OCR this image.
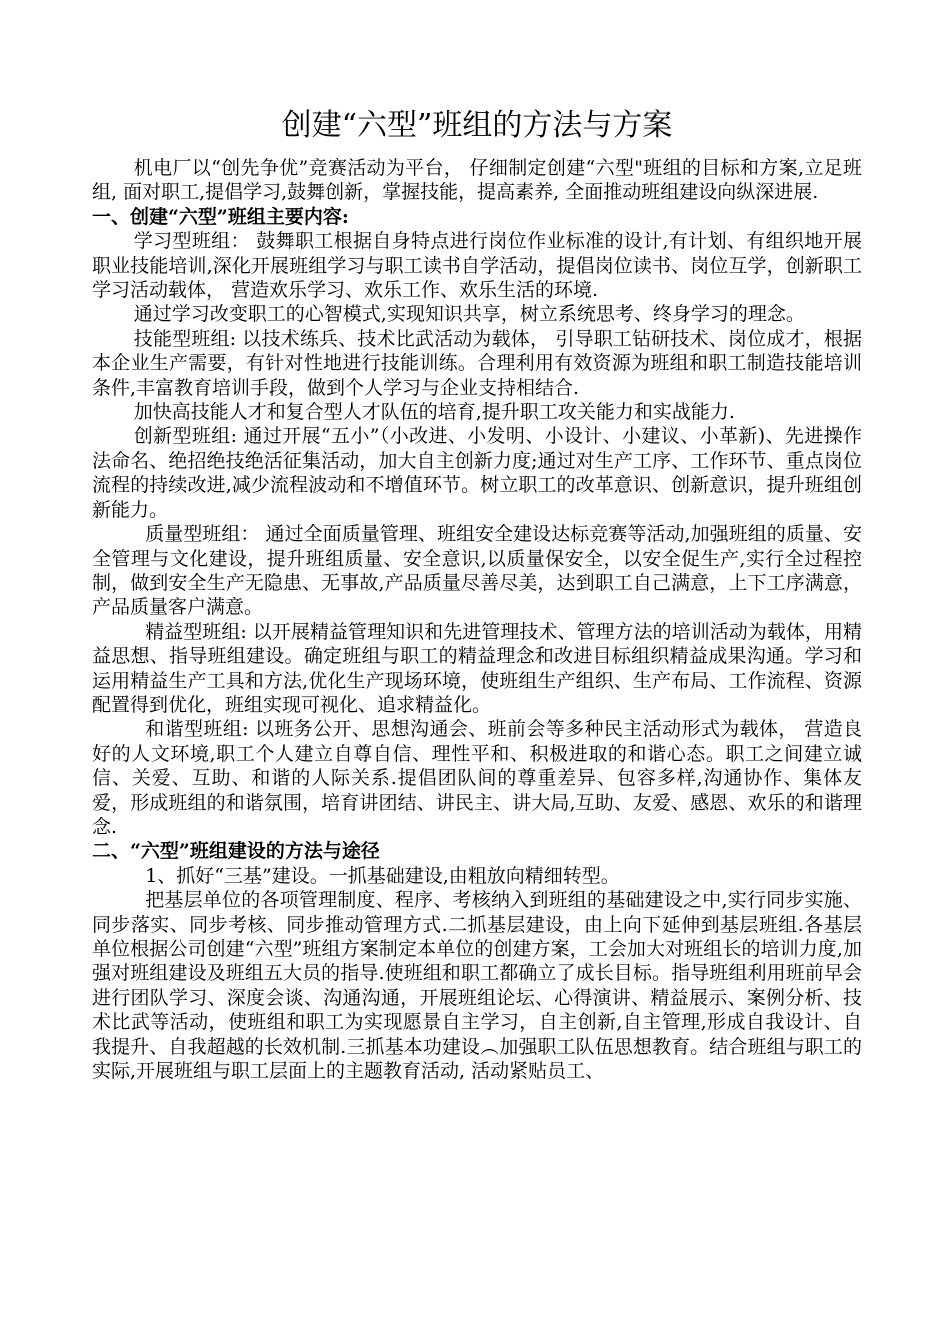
创建“六型”班组的方法与方案

机电厂以“创先争优”竞赛活动为平台， 仔细制定创建“六型"班组的目标和方案,立足班组, 面对职工,提倡学习,鼓舞创新，掌握技能，提高素养, 全面推动班组建设向纵深进展.

一、创建“六型”班组主要内容:

学习型班组： 鼓舞职工根据自身特点进行岗位作业标准的设计,有计划、有组织地开展职业技能培训,深化开展班组学习与职工读书自学活动，提倡岗位读书、岗位互学，创新职工学习活动载体， 营造欢乐学习、欢乐工作、欢乐生活的环境.

通过学习改变职工的心智模式,实现知识共享，树立系统思考、终身学习的理念。

技能型班组: 以技术练兵、技术比武活动为载体， 引导职工钻研技术、岗位成才，根据本企业生产需要，有针对性地进行技能训练。合理利用有效资源为班组和职工制造技能培训条件,丰富教育培训手段，做到个人学习与企业支持相结合.

加快高技能人才和复合型人才队伍的培育,提升职工攻关能力和实战能力.

创新型班组: 通过开展“五小”（小改进、小发明、小设计、小建议、小革新)、先进操作法命名、绝招绝技绝活征集活动，加大自主创新力度;通过对生产工序、工作环节、重点岗位流程的持续改进,减少流程波动和不增值环节。树立职工的改革意识、创新意识，提升班组创新能力。

质量型班组： 通过全面质量管理、班组安全建设达标竞赛等活动,加强班组的质量、安全管理与文化建设，提升班组质量、安全意识,以质量保安全，以安全促生产,实行全过程控制，做到安全生产无隐患、无事故,产品质量尽善尽美，达到职工自己满意，上下工序满意，产品质量客户满意。

精益型班组: 以开展精益管理知识和先进管理技术、管理方法的培训活动为载体，用精益思想、指导班组建设。确定班组与职工的精益理念和改进目标组织精益成果沟通。学习和运用精益生产工具和方法,优化生产现场环境，使班组生产组织、生产布局、工作流程、资源配置得到优化，班组实现可视化、追求精益化。

和谐型班组: 以班务公开、思想沟通会、班前会等多种民主活动形式为载体， 营造良好的人文环境,职工个人建立自尊自信、理性平和、积极进取的和谐心态。职工之间建立诚信、关爱、互助、和谐的人际关系.提倡团队间的尊重差异、包容多样,沟通协作、集体友爱，形成班组的和谐氛围，培育讲团结、讲民主、讲大局,互助、友爱、感恩、欢乐的和谐理念.

二、“六型”班组建设的方法与途径

1、抓好“三基”建设。一抓基础建设,由粗放向精细转型。

把基层单位的各项管理制度、程序、考核纳入到班组的基础建设之中,实行同步实施、同步落实、同步考核、同步推动管理方式.二抓基层建设，由上向下延伸到基层班组.各基层单位根据公司创建“六型”班组方案制定本单位的创建方案，工会加大对班组长的培训力度,加强对班组建设及班组五大员的指导.使班组和职工都确立了成长目标。指导班组利用班前早会进行团队学习、深度会谈、沟通沟通，开展班组论坛、心得演讲、精益展示、案例分析、技术比武等活动，使班组和职工为实现愿景自主学习，自主创新,自主管理,形成自我设计、自我提升、自我超越的长效机制.三抓基本功建设︵加强职工队伍思想教育。结合班组与职工的实际,开展班组与职工层面上的主题教育活动, 活动紧贴员工、
